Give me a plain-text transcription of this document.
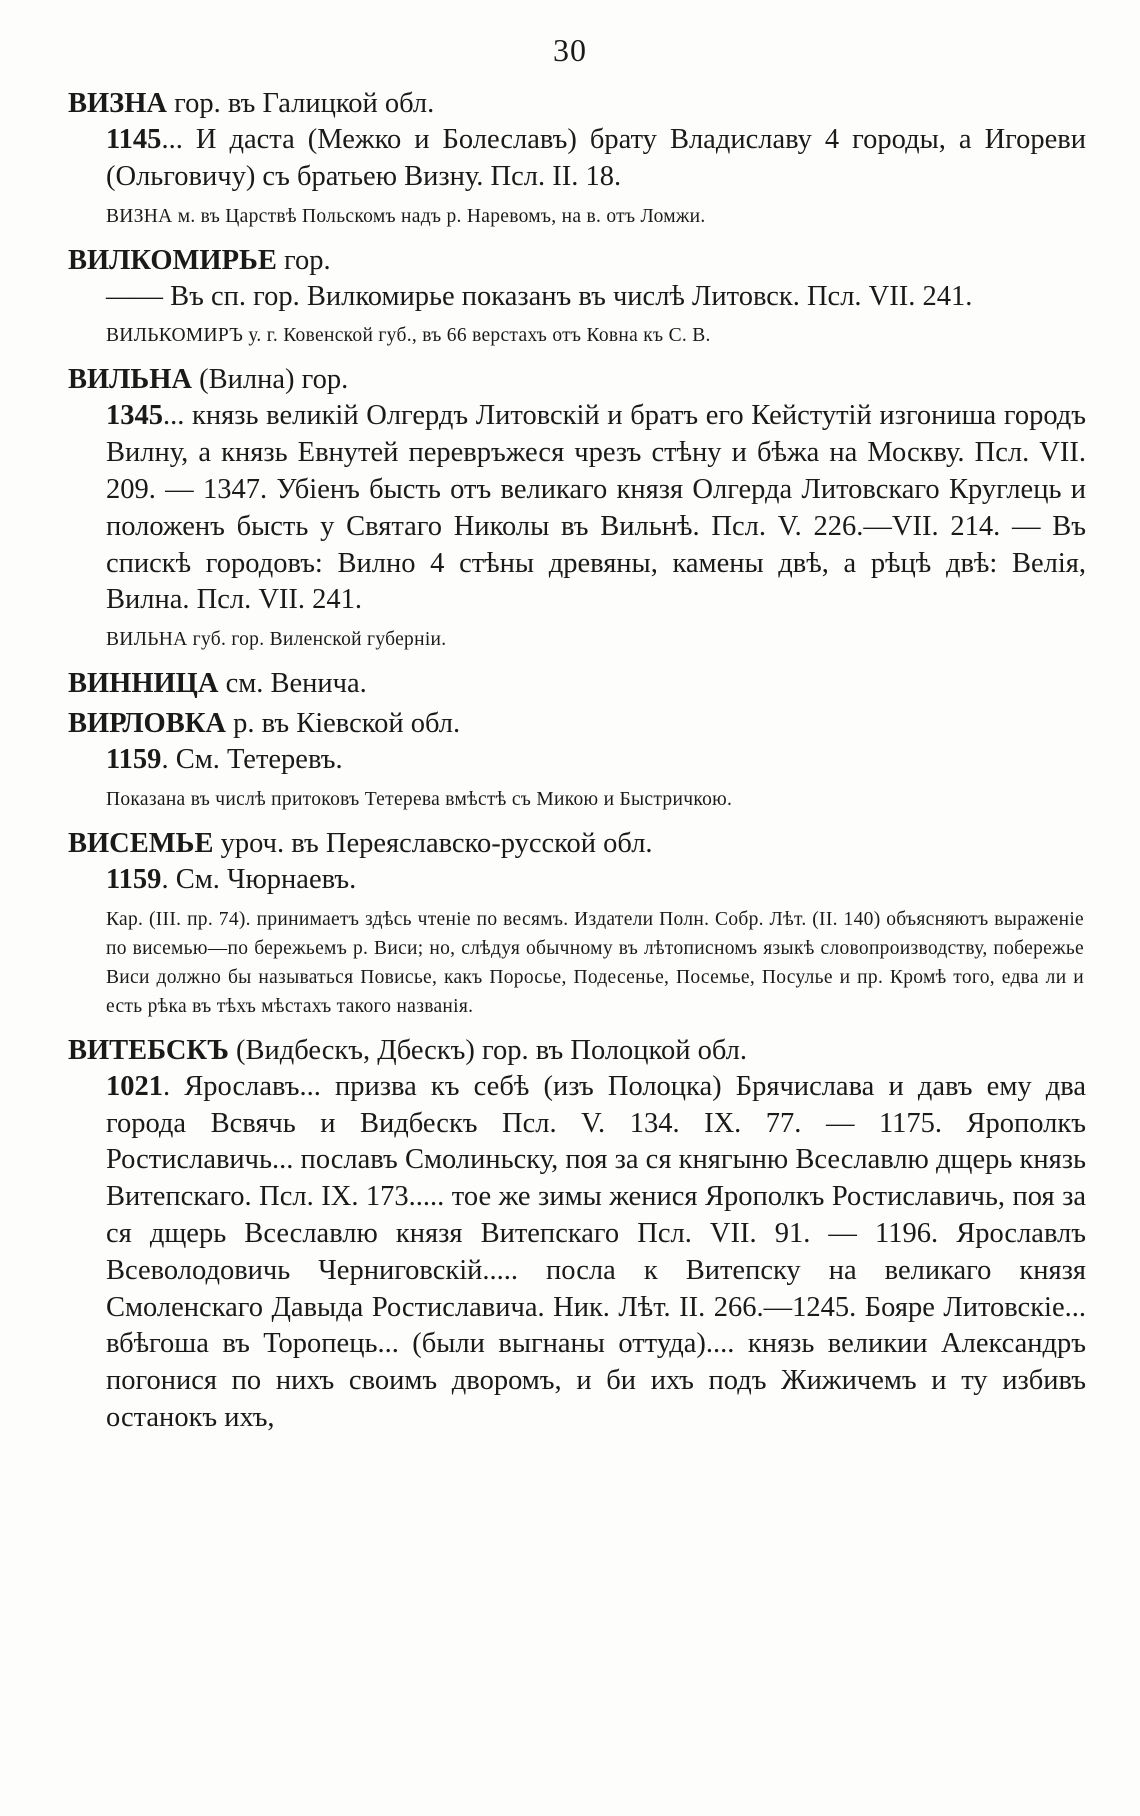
30

ВИЗНА гор. въ Галицкой обл.

1145... И даста (Межко и Болеславъ) брату Владиславу 4 городы, а Игореви (Ольговичу) съ братьею Визну. Псл. II. 18.

ВИЗНА м. въ Царствѣ Польскомъ надъ р. Наревомъ, на в. отъ Ломжи.

ВИЛКОМИРЬЕ гор.

—— Въ сп. гор. Вилкомирье показанъ въ числѣ Литовск. Псл. VII. 241.

ВИЛЬКОМИРЪ у. г. Ковенской губ., въ 66 верстахъ отъ Ковна къ С. В.

ВИЛЬНА (Вилна) гор.

1345... князь великій Олгердъ Литовскій и братъ его Кейстутій изгониша городъ Вилну, а князь Евнутей перевръжеся чрезъ стѣну и бѣжа на Москву. Псл. VII. 209. — 1347. Убіенъ бысть отъ великаго князя Олгерда Литовскаго Круглець и положенъ бысть у Святаго Николы въ Вильнѣ. Псл. V. 226.—VII. 214. — Въ спискѣ городовъ: Вилно 4 стѣны древяны, камены двѣ, а рѣцѣ двѣ: Велія, Вилна. Псл. VII. 241.

ВИЛЬНА губ. гор. Виленской губерніи.

ВИННИЦА см. Венича.

ВИРЛОВКА р. въ Кіевской обл.

1159. См. Тетеревъ.

Показана въ числѣ притоковъ Тетерева вмѣстѣ съ Микою и Быстричкою.

ВИСЕМЬЕ уроч. въ Переяславско-русской обл.

1159. См. Чюрнаевъ.

Кар. (III. пр. 74). принимаетъ здѣсь чтеніе по весямъ. Издатели Полн. Собр. Лѣт. (II. 140) объясняютъ выраженіе по висемью—по бережьемъ р. Виси; но, слѣдуя обычному въ лѣтописномъ языкѣ словопроизводству, побережье Виси должно бы называться Повисье, какъ Поросье, Подесенье, Посемье, Посулье и пр. Кромѣ того, едва ли и есть рѣка въ тѣхъ мѣстахъ такого названія.

ВИТЕБСКЪ (Видбескъ, Дбескъ) гор. въ Полоцкой обл.

1021. Ярославъ... призва къ себѣ (изъ Полоцка) Брячислава и давъ ему два города Всвячь и Видбескъ Псл. V. 134. IX. 77. — 1175. Ярополкъ Ростиславичь... пославъ Смолиньску, поя за ся княгыню Всеславлю дщерь князь Витепскаго. Псл. IX. 173..... тое же зимы женися Ярополкъ Ростиславичь, поя за ся дщерь Всеславлю князя Витепскаго Псл. VII. 91. — 1196. Ярославлъ Всеволодовичь Черниговскій..... посла к Витепску на великаго князя Смоленскаго Давыда Ростиславича. Ник. Лѣт. II. 266.—1245. Бояре Литовскіе... вбѣгоша въ Торопець... (были выгнаны оттуда).... князь великии Александръ погонися по нихъ своимъ дворомъ, и би ихъ подъ Жижичемъ и ту избивъ останокъ ихъ,
